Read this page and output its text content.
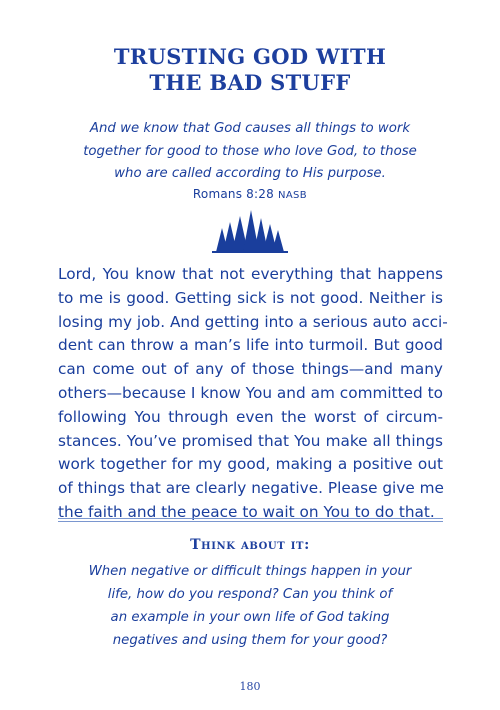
TRUSTING GOD WITH
THE BAD STUFF
And we know that God causes all things to work
together for good to those who love God, to those
who are called according to His purpose.
Romans 8:28 NASB
Lord, You know that not everything that happens
to me is good. Getting sick is not good. Neither is
losing my job. And getting into a serious auto acci-
dent can throw a man’s life into turmoil. But good
can come out of any of those things—and many
others—because I know You and am committed to
following You through even the worst of circum-
stances. You’ve promised that You make all things
work together for my good, making a positive out
of things that are clearly negative. Please give me
the faith and the peace to wait on You to do that.
Think about it:
When negative or difficult things happen in your
life, how do you respond? Can you think of
an example in your own life of God taking
negatives and using them for your good?
180
